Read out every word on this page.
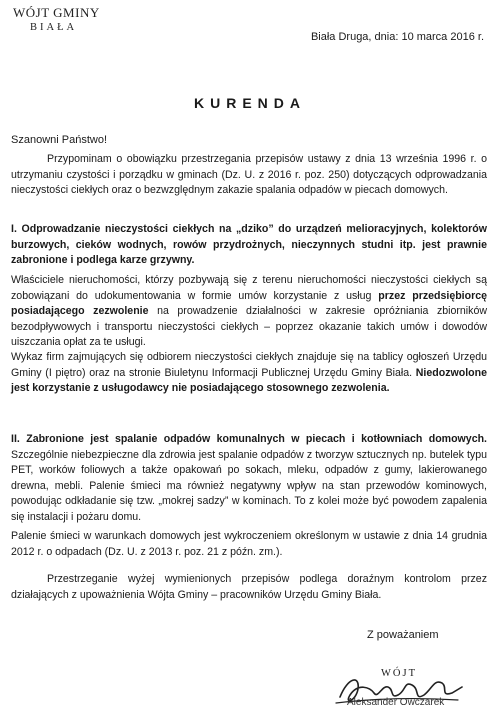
WÓJT GMINY
BIAŁA
Biała Druga, dnia: 10 marca 2016 r.
KURENDA
Szanowni Państwo!
Przypominam o obowiązku przestrzegania przepisów ustawy z dnia 13 września 1996 r. o utrzymaniu czystości i porządku w gminach (Dz. U. z 2016 r. poz. 250) dotyczących odprowadzania nieczystości ciekłych oraz o bezwzględnym zakazie spalania odpadów w piecach domowych.
I. Odprowadzanie nieczystości ciekłych na „dziko” do urządzeń melioracyjnych, kolektorów burzowych, cieków wodnych, rowów przydrożnych, nieczynnych studni itp. jest prawnie zabronione i podlega karze grzywny.
Właściciele nieruchomości, którzy pozbywają się z terenu nieruchomości nieczystości ciekłych są zobowiązani do udokumentowania w formie umów korzystanie z usług przez przedsiębiorcę posiadającego zezwolenie na prowadzenie działalności w zakresie opróżniania zbiorników bezodpływowych i transportu nieczystości ciekłych – poprzez okazanie takich umów i dowodów uiszczania opłat za te usługi.
Wykaz firm zajmujących się odbiorem nieczystości ciekłych znajduje się na tablicy ogłoszeń Urzędu Gminy (I piętro) oraz na stronie Biuletynu Informacji Publicznej Urzędu Gminy Biała. Niedozwolone jest korzystanie z usługodawcy nie posiadającego stosownego zezwolenia.
II. Zabronione jest spalanie odpadów komunalnych w piecach i kotłowniach domowych. Szczególnie niebezpieczne dla zdrowia jest spalanie odpadów z tworzyw sztucznych np. butelek typu PET, worków foliowych a także opakowań po sokach, mleku, odpadów z gumy, lakierowanego drewna, mebli. Palenie śmieci ma również negatywny wpływ na stan przewodów kominowych, powodując odkładanie się tzw. „mokrej sadzy” w kominach. To z kolei może być powodem zapalenia się instalacji i pożaru domu.
Palenie śmieci w warunkach domowych jest wykroczeniem określonym w ustawie z dnia 14 grudnia 2012 r. o odpadach (Dz. U. z 2013 r. poz. 21 z późn. zm.).
Przestrzeganie wyżej wymienionych przepisów podlega doraźnym kontrolom przez działających z upoważnienia Wójta Gminy – pracowników Urzędu Gminy Biała.
Z poważaniem
WÓJT
Aleksander Owczarek
